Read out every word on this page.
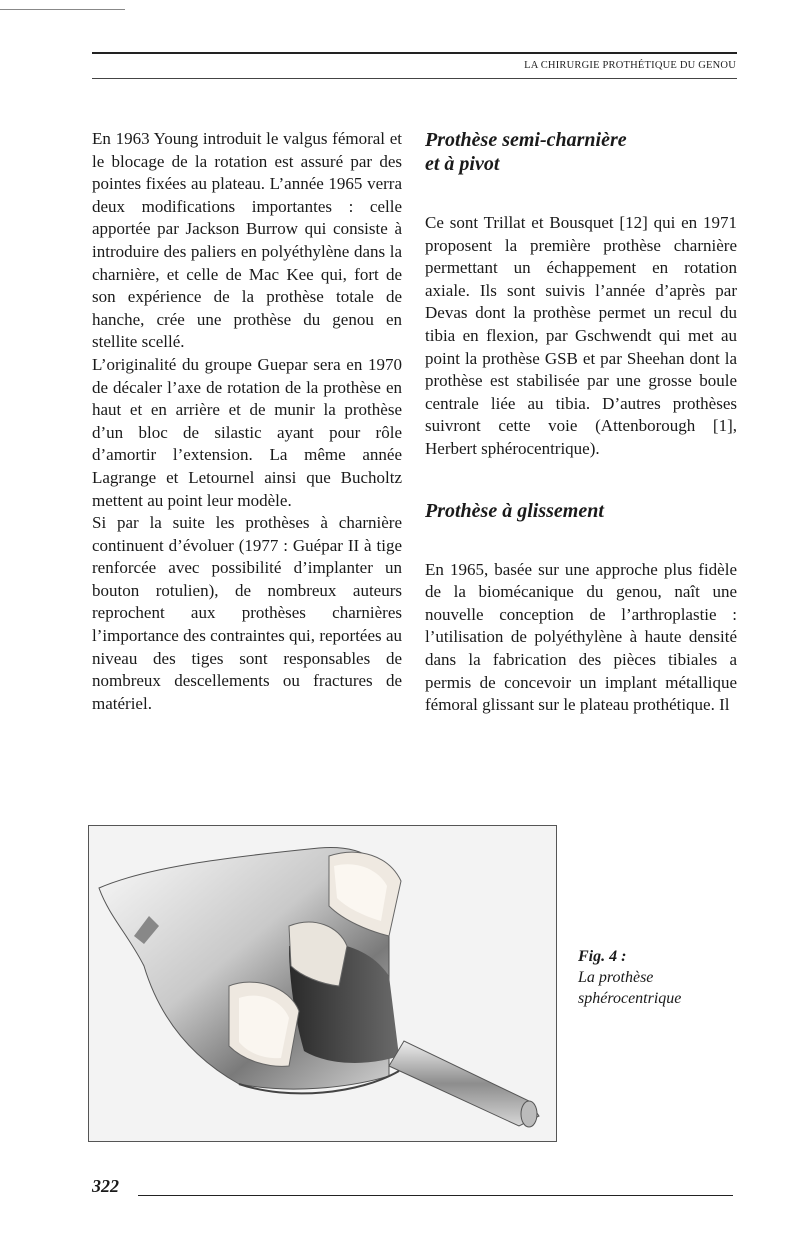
LA CHIRURGIE PROTHÉTIQUE DU GENOU

En 1963 Young introduit le valgus fémoral et le blocage de la rotation est assuré par des pointes fixées au plateau. L’année 1965 verra deux modifications importantes : celle apportée par Jackson Burrow qui consiste à introduire des paliers en polyéthylène dans la charnière, et celle de Mac Kee qui, fort de son expérience de la prothèse totale de hanche, crée une prothèse du genou en stellite scellé.

L’originalité du groupe Guepar sera en 1970 de décaler l’axe de rotation de la prothèse en haut et en arrière et de munir la prothèse d’un bloc de silastic ayant pour rôle d’amortir l’extension. La même année Lagrange et Letournel ainsi que Bucholtz mettent au point leur modèle.

Si par la suite les prothèses à charnière continuent d’évoluer (1977 : Guépar II à tige renforcée avec possibilité d’implanter un bouton rotulien), de nombreux auteurs reprochent aux prothèses charnières l’importance des contraintes qui, reportées au niveau des tiges sont responsables de nombreux descellements ou fractures de matériel.

Prothèse semi-charnière
et à pivot

Ce sont Trillat et Bousquet [12] qui en 1971 proposent la première prothèse charnière permettant un échappement en rotation axiale. Ils sont suivis l’année d’après par Devas dont la prothèse permet un recul du tibia en flexion, par Gschwendt qui met au point la prothèse GSB et par Sheehan dont la prothèse est stabilisée par une grosse boule centrale liée au tibia. D’autres prothèses suivront cette voie (Attenborough [1], Herbert sphérocentrique).

Prothèse à glissement

En 1965, basée sur une approche plus fidèle de la biomécanique du genou, naît une nouvelle conception de l’arthroplastie : l’utilisation de polyéthylène à haute densité dans la fabrication des pièces tibiales a permis de concevoir un implant métallique fémoral glissant sur le plateau prothétique. Il

Fig. 4 :
La prothèse
sphérocentrique
322
